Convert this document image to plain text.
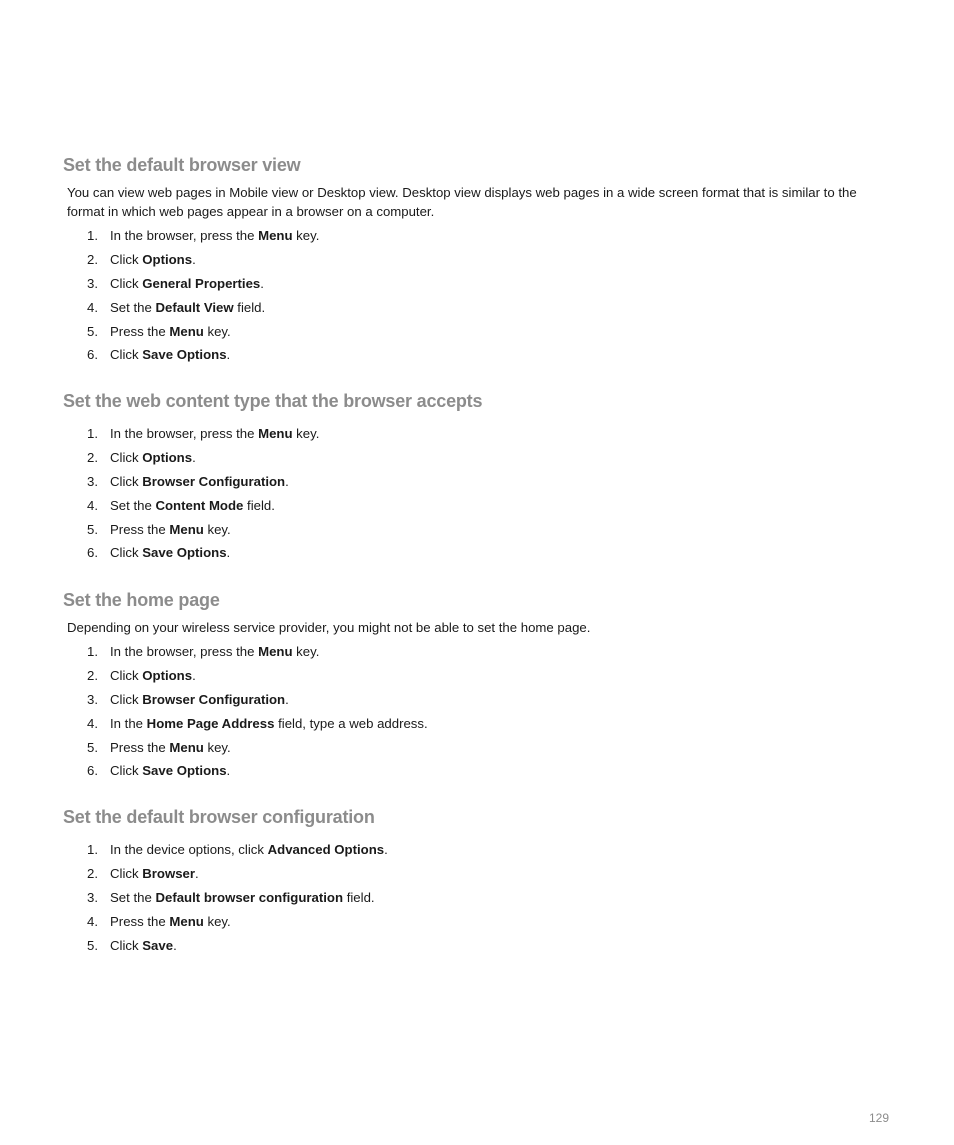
Set the default browser view

You can view web pages in Mobile view or Desktop view. Desktop view displays web pages in a wide screen format that is similar to the format in which web pages appear in a browser on a computer.

1. In the browser, press the Menu key.
2. Click Options.
3. Click General Properties.
4. Set the Default View field.
5. Press the Menu key.
6. Click Save Options.
Set the web content type that the browser accepts
1. In the browser, press the Menu key.
2. Click Options.
3. Click Browser Configuration.
4. Set the Content Mode field.
5. Press the Menu key.
6. Click Save Options.
Set the home page

Depending on your wireless service provider, you might not be able to set the home page.

1. In the browser, press the Menu key.
2. Click Options.
3. Click Browser Configuration.
4. In the Home Page Address field, type a web address.
5. Press the Menu key.
6. Click Save Options.
Set the default browser configuration
1. In the device options, click Advanced Options.
2. Click Browser.
3. Set the Default browser configuration field.
4. Press the Menu key.
5. Click Save.
129
